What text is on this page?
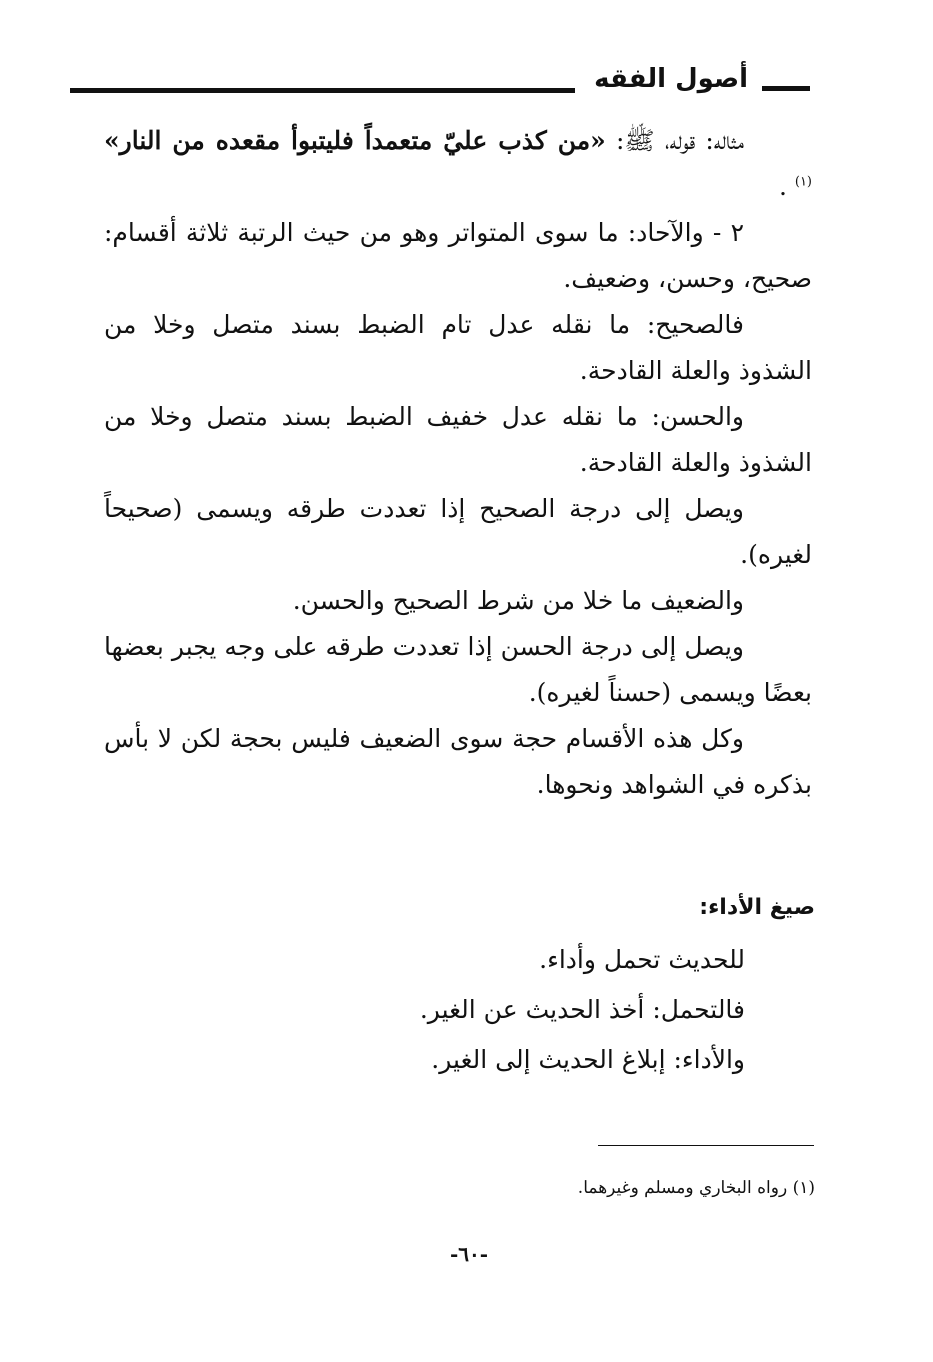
أصول الفقه

مثاله: قوله، ﷺ: «من كذب عليّ متعمداً فليتبوأ مقعده من النار» $^{(١)}$ .

٢ - والآحاد: ما سوى المتواتر وهو من حيث الرتبة ثلاثة أقسام: صحيح، وحسن، وضعيف.

فالصحيح: ما نقله عدل تام الضبط بسند متصل وخلا من الشذوذ والعلة القادحة.

والحسن: ما نقله عدل خفيف الضبط بسند متصل وخلا من الشذوذ والعلة القادحة.

ويصل إلى درجة الصحيح إذا تعددت طرقه ويسمى (صحيحاً لغيره).

والضعيف ما خلا من شرط الصحيح والحسن.

ويصل إلى درجة الحسن إذا تعددت طرقه على وجه يجبر بعضها بعضًا ويسمى (حسناً لغيره).

وكل هذه الأقسام حجة سوى الضعيف فليس بحجة لكن لا بأس بذكره في الشواهد ونحوها.

صيغ الأداء:
للحديث تحمل وأداء.
فالتحمل: أخذ الحديث عن الغير.
والأداء: إبلاغ الحديث إلى الغير.
(١) رواه البخاري ومسلم وغيرهما.
-٦٠-
